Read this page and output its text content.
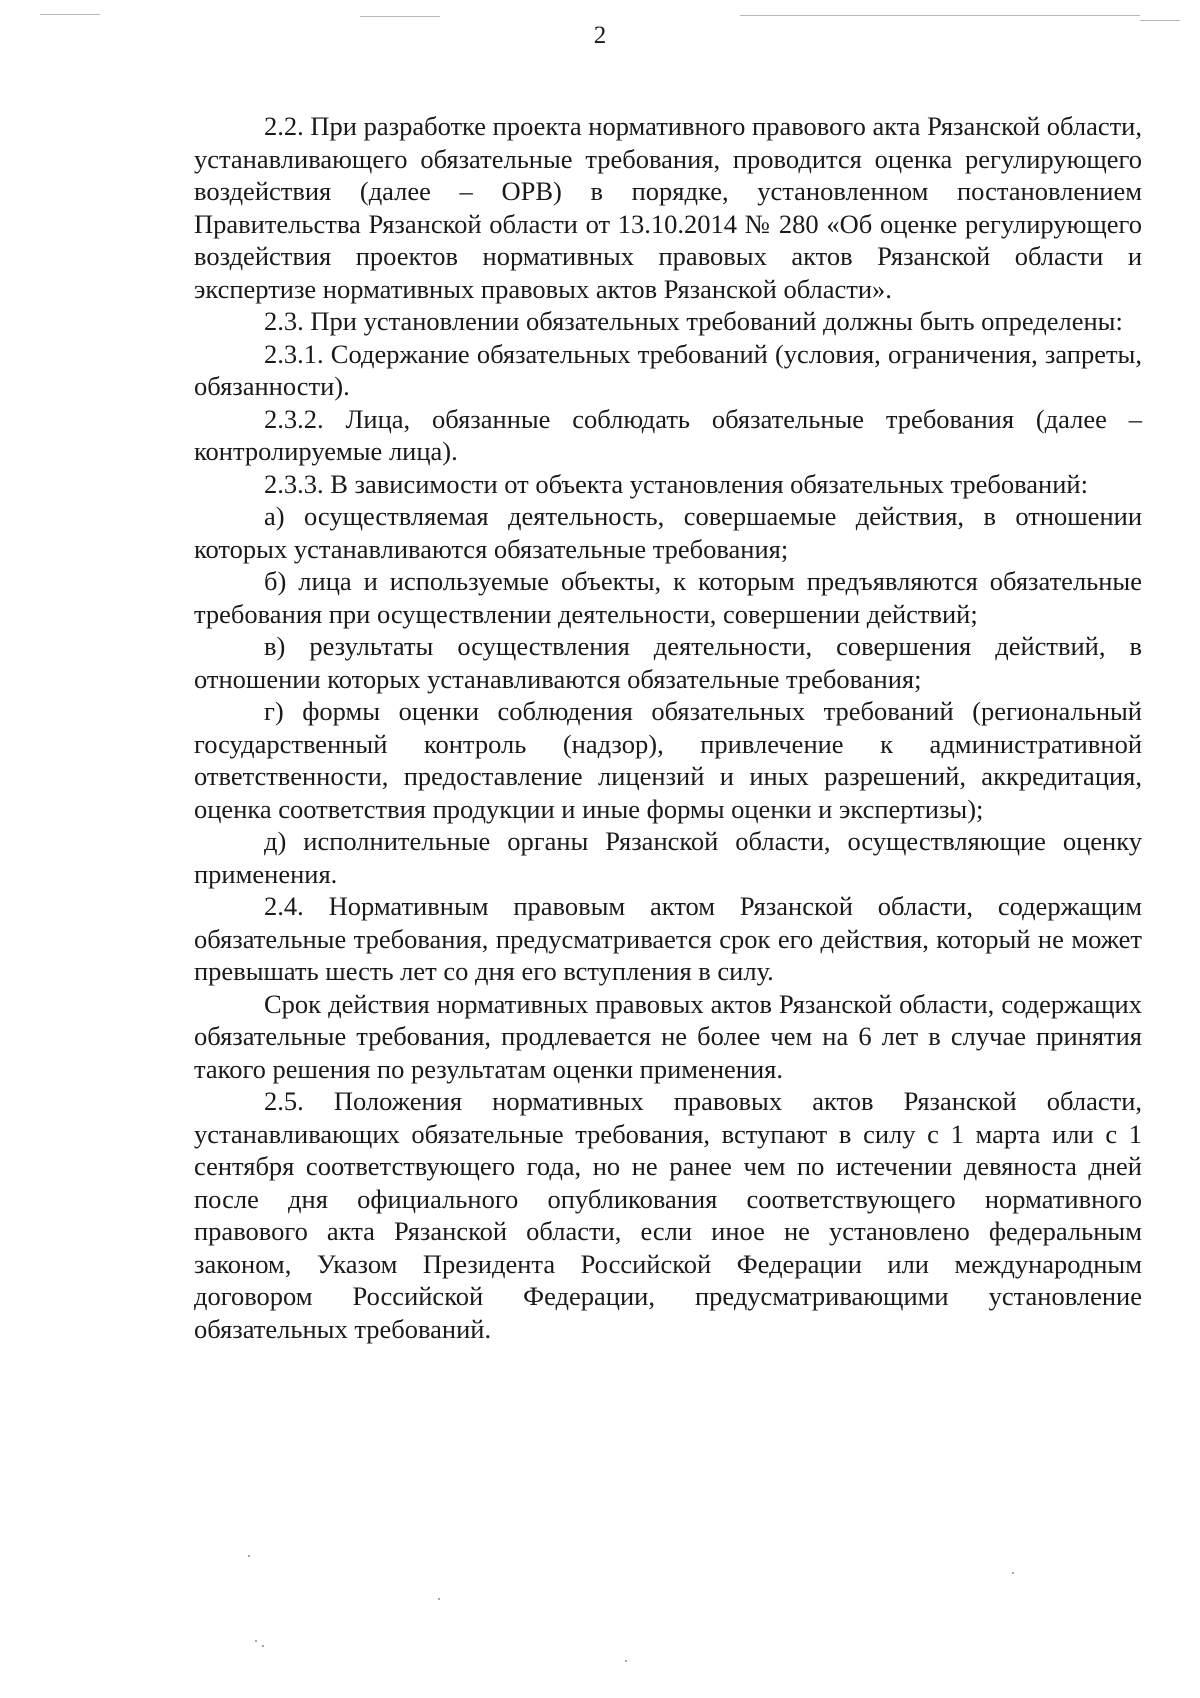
2

2.2. При разработке проекта нормативного правового акта Рязанской области, устанавливающего обязательные требования, проводится оценка регулирующего воздействия (далее – ОРВ) в порядке, установленном постановлением Правительства Рязанской области от 13.10.2014 № 280 «Об оценке регулирующего воздействия проектов нормативных правовых актов Рязанской области и экспертизе нормативных правовых актов Рязанской области».

2.3. При установлении обязательных требований должны быть определены:

2.3.1. Содержание обязательных требований (условия, ограничения, запреты, обязанности).

2.3.2. Лица, обязанные соблюдать обязательные требования (далее – контролируемые лица).

2.3.3. В зависимости от объекта установления обязательных требований:

а) осуществляемая деятельность, совершаемые действия, в отношении которых устанавливаются обязательные требования;

б) лица и используемые объекты, к которым предъявляются обязательные требования при осуществлении деятельности, совершении действий;

в) результаты осуществления деятельности, совершения действий, в отношении которых устанавливаются обязательные требования;

г) формы оценки соблюдения обязательных требований (региональный государственный контроль (надзор), привлечение к административной ответственности, предоставление лицензий и иных разрешений, аккредитация, оценка соответствия продукции и иные формы оценки и экспертизы);

д) исполнительные органы Рязанской области, осуществляющие оценку применения.

2.4. Нормативным правовым актом Рязанской области, содержащим обязательные требования, предусматривается срок его действия, который не может превышать шесть лет со дня его вступления в силу.

Срок действия нормативных правовых актов Рязанской области, содержащих обязательные требования, продлевается не более чем на 6 лет в случае принятия такого решения по результатам оценки применения.

2.5. Положения нормативных правовых актов Рязанской области, устанавливающих обязательные требования, вступают в силу с 1 марта или с 1 сентября соответствующего года, но не ранее чем по истечении девяноста дней после дня официального опубликования соответствующего нормативного правового акта Рязанской области, если иное не установлено федеральным законом, Указом Президента Российской Федерации или международным договором Российской Федерации, предусматривающими установление обязательных требований.
